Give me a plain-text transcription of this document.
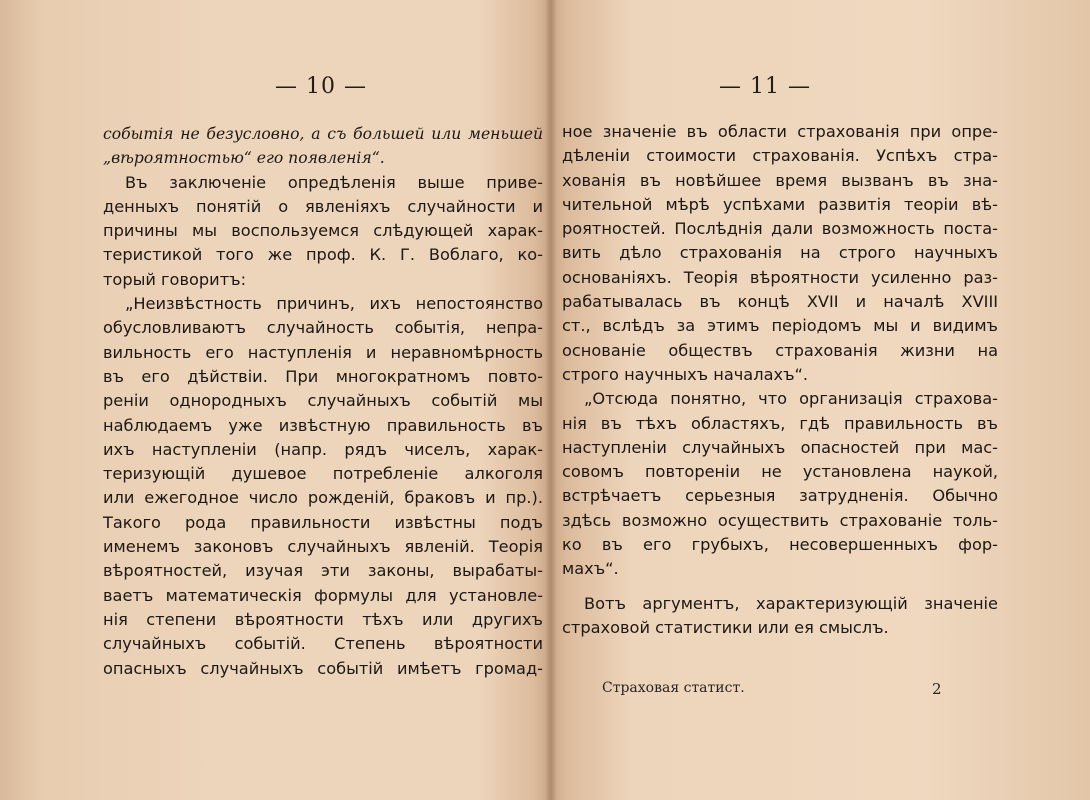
— 10 —
событія не безусловно, а съ большей или меньшей
„вѣроятностью“ его появленія“.
Въ заключеніе опредѣленія выше приве-
денныхъ понятій о явленіяхъ случайности и
причины мы воспользуемся слѣдующей харак-
теристикой того же проф. К. Г. Воблаго, ко-
торый говоритъ:
„Неизвѣстность причинъ, ихъ непостоянство
обусловливаютъ случайность событія, непра-
вильность его наступленія и неравномѣрность
въ его дѣйствіи. При многократномъ повто-
реніи однородныхъ случайныхъ событій мы
наблюдаемъ уже извѣстную правильность въ
ихъ наступленіи (напр. рядъ чиселъ, харак-
теризующій душевое потребленіе алкоголя
или ежегодное число рожденій, браковъ и пр.).
Такого рода правильности извѣстны подъ
именемъ законовъ случайныхъ явленій. Теорія
вѣроятностей, изучая эти законы, вырабаты-
ваетъ математическія формулы для установле-
нія степени вѣроятности тѣхъ или другихъ
случайныхъ событій. Степень вѣроятности
опасныхъ случайныхъ событій имѣетъ громад-
— 11 —
ное значеніе въ области страхованія при опре-
дѣленіи стоимости страхованія. Успѣхъ стра-
хованія въ новѣйшее время вызванъ въ зна-
чительной мѣрѣ успѣхами развитія теоріи вѣ-
роятностей. Послѣднія дали возможность поста-
вить дѣло страхованія на строго научныхъ
основаніяхъ. Теорія вѣроятности усиленно раз-
рабатывалась въ концѣ XVII и началѣ XVIII
ст., вслѣдъ за этимъ періодомъ мы и видимъ
основаніе обществъ страхованія жизни на
строго научныхъ началахъ“.
„Отсюда понятно, что организація страхова-
нія въ тѣхъ областяхъ, гдѣ правильность въ
наступленіи случайныхъ опасностей при мас-
совомъ повтореніи не установлена наукой,
встрѣчаетъ серьезныя затрудненія. Обычно
здѣсь возможно осуществить страхованіе толь-
ко въ его грубыхъ, несовершенныхъ фор-
махъ“.
Вотъ аргументъ, характеризующій значеніе
страховой статистики или ея смыслъ.
Страховая статист.	2
